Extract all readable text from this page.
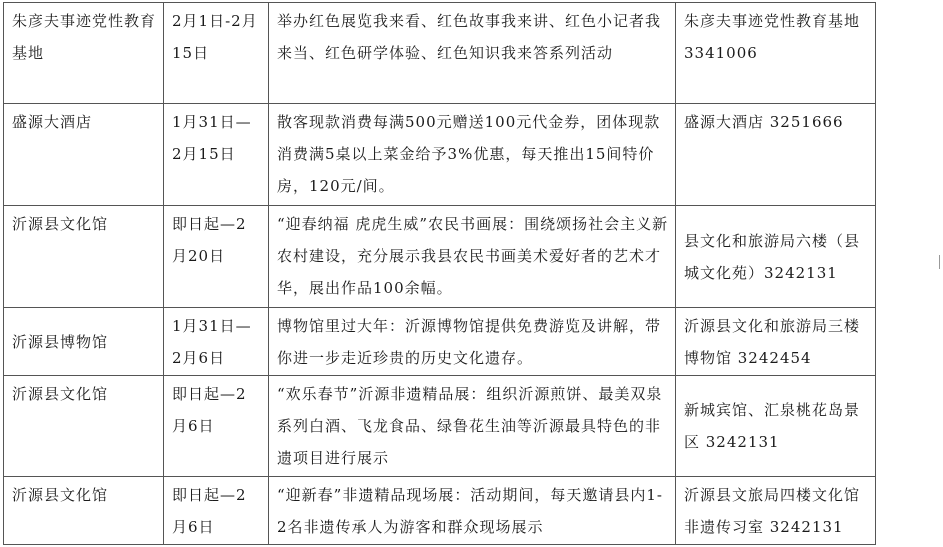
朱彦夫事迹党性教育基地	2月1日-2月15日	举办红色展览我来看、红色故事我来讲、红色小记者我来当、红色研学体验、红色知识我来答系列活动	朱彦夫事迹党性教育基地 3341006
盛源大酒店	1月31日—2月15日	散客现款消费每满500元赠送100元代金券，团体现款消费满5桌以上菜金给予3%优惠，每天推出15间特价房，120元/间。	盛源大酒店 3251666
沂源县文化馆	即日起—2月20日	“迎春纳福 虎虎生威”农民书画展：围绕颂扬社会主义新农村建设，充分展示我县农民书画美术爱好者的艺术才华，展出作品100余幅。	县文化和旅游局六楼（县城文化苑）3242131
沂源县博物馆	1月31日—2月6日	博物馆里过大年：沂源博物馆提供免费游览及讲解，带你进一步走近珍贵的历史文化遗存。	沂源县文化和旅游局三楼博物馆 3242454
沂源县文化馆	即日起—2月6日	“欢乐春节”沂源非遗精品展：组织沂源煎饼、最美双泉系列白酒、飞龙食品、绿鲁花生油等沂源最具特色的非遗项目进行展示	新城宾馆、汇泉桃花岛景区 3242131
沂源县文化馆	即日起—2月6日	“迎新春”非遗精品现场展：活动期间，每天邀请县内1-2名非遗传承人为游客和群众现场展示	沂源县文旅局四楼文化馆非遗传习室 3242131
